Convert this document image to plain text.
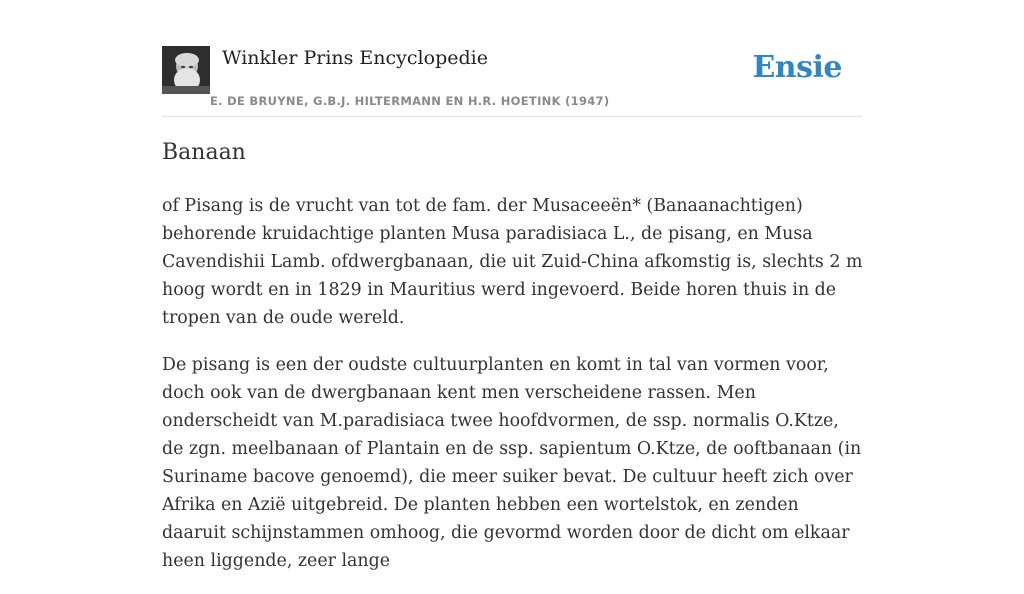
Winkler Prins Encyclopedie
E. DE BRUYNE, G.B.J. HILTERMANN EN H.R. HOETINK (1947)
Ensie
Banaan

of Pisang is de vrucht van tot de fam. der Musaceeën* (Banaanachtigen) behorende kruidachtige planten Musa paradisiaca L., de pisang, en Musa Cavendishii Lamb. ofdwergbanaan, die uit Zuid-China afkomstig is, slechts 2 m hoog wordt en in 1829 in Mauritius werd ingevoerd. Beide horen thuis in de tropen van de oude wereld.

De pisang is een der oudste cultuurplanten en komt in tal van vormen voor, doch ook van de dwergbanaan kent men verscheidene rassen. Men onderscheidt van M.paradisiaca twee hoofdvormen, de ssp. normalis O.Ktze, de zgn. meelbanaan of Plantain en de ssp. sapientum O.Ktze, de ooftbanaan (in Suriname bacove genoemd), die meer suiker bevat. De cultuur heeft zich over Afrika en Azië uitgebreid. De planten hebben een wortelstok, en zenden daaruit schijnstammen omhoog, die gevormd worden door de dicht om elkaar heen liggende, zeer lange
